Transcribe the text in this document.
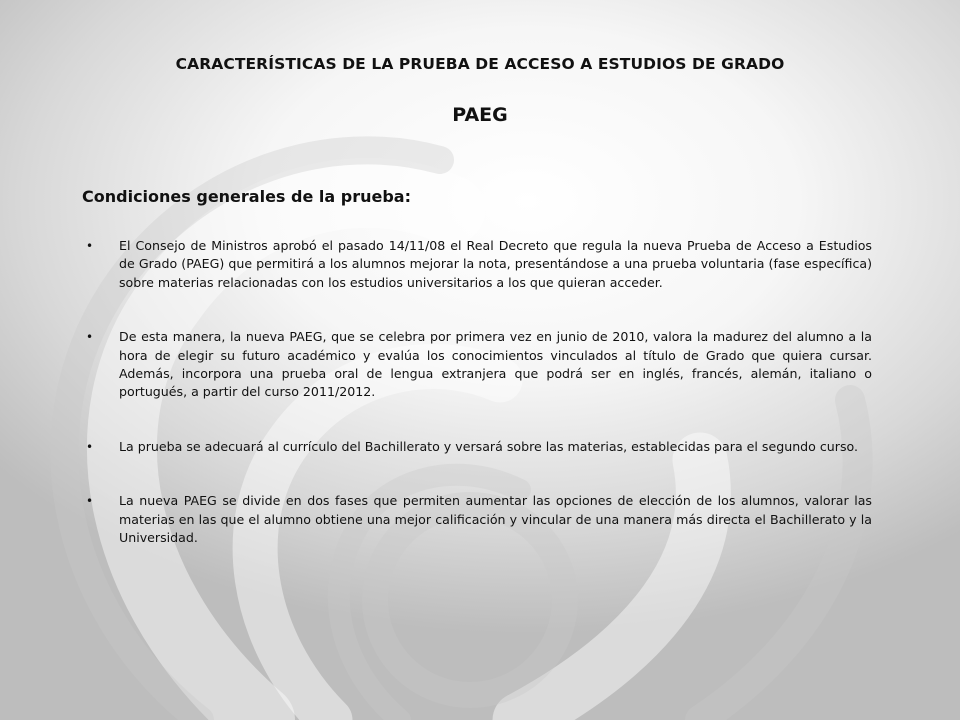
CARACTERÍSTICAS DE LA PRUEBA DE ACCESO A ESTUDIOS DE GRADO
PAEG
Condiciones generales de la prueba:
• El Consejo de Ministros aprobó el pasado 14/11/08 el Real Decreto que regula la nueva Prueba de Acceso a Estudios de Grado (PAEG) que permitirá a los alumnos mejorar la nota, presentándose a una prueba voluntaria (fase específica) sobre materias relacionadas con los estudios universitarios a los que quieran acceder.
• De esta manera, la nueva PAEG, que se celebra por primera vez en junio de 2010, valora la madurez del alumno a la hora de elegir su futuro académico y evalúa los conocimientos vinculados al título de Grado que quiera cursar. Además, incorpora una prueba oral de lengua extranjera que podrá ser en inglés, francés, alemán, italiano o portugués, a partir del curso 2011/2012.
• La prueba se adecuará al currículo del Bachillerato y versará sobre las materias, establecidas para el segundo curso.
• La nueva PAEG se divide en dos fases que permiten aumentar las opciones de elección de los alumnos, valorar las materias en las que el alumno obtiene una mejor calificación y vincular de una manera más directa el Bachillerato y la Universidad.
